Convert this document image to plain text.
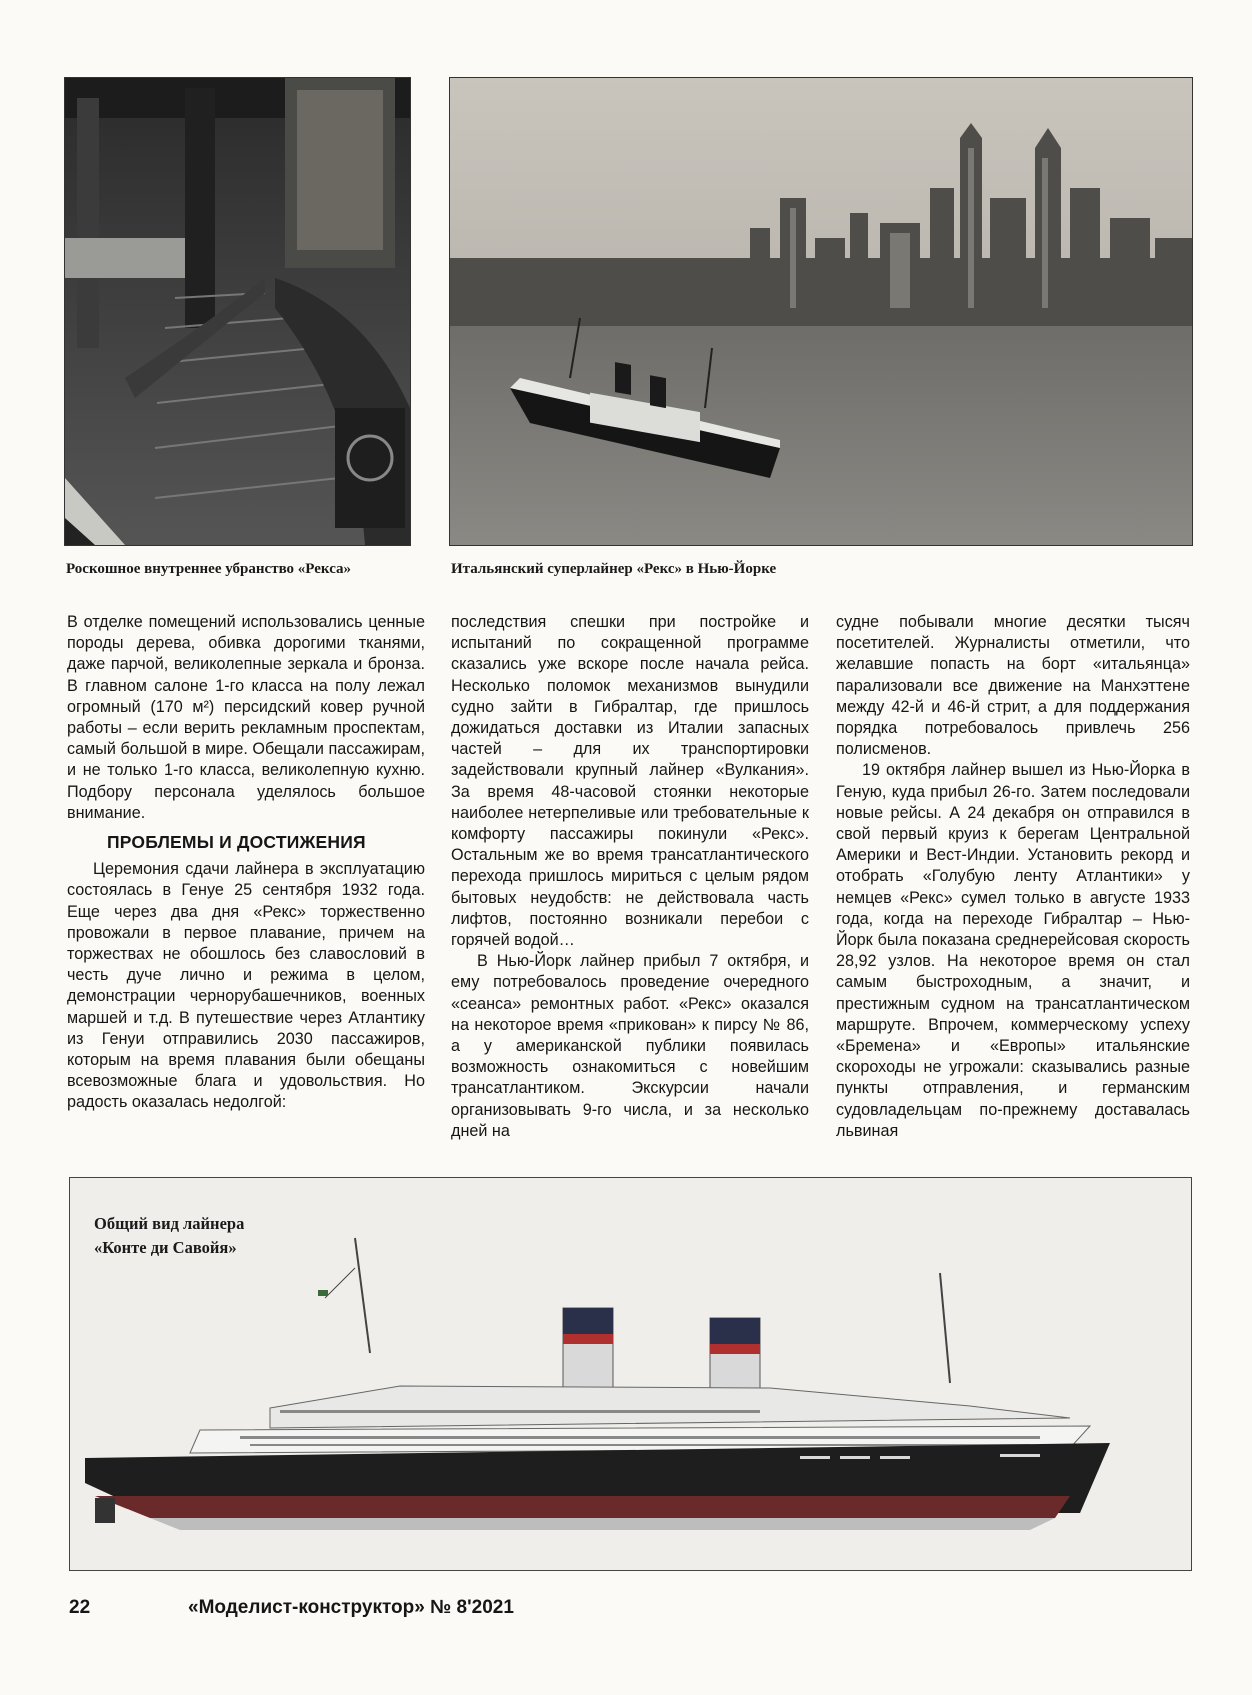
Роскошное внутреннее убранство «Рекса»	Итальянский суперлайнер «Рекс» в Нью-Йорке

В отделке помещений использовались ценные породы дерева, обивка дорогими тканями, даже парчой, великолепные зеркала и бронза. В главном салоне 1-го класса на полу лежал огромный (170 м²) персидский ковер ручной работы – если верить рекламным проспектам, самый большой в мире. Обещали пассажирам, и не только 1-го класса, великолепную кухню. Подбору персонала уделялось большое внимание.

ПРОБЛЕМЫ И ДОСТИЖЕНИЯ

Церемония сдачи лайнера в эксплуатацию состоялась в Генуе 25 сентября 1932 года. Еще через два дня «Рекс» торжественно провожали в первое плавание, причем на торжествах не обошлось без славословий в честь дуче лично и режима в целом, демонстрации чернорубашечников, военных маршей и т.д. В путешествие через Атлантику из Генуи отправились 2030 пассажиров, которым на время плавания были обещаны всевозможные блага и удовольствия. Но радость оказалась недолгой:

последствия спешки при постройке и испытаний по сокращенной программе сказались уже вскоре после начала рейса. Несколько поломок механизмов вынудили судно зайти в Гибралтар, где пришлось дожидаться доставки из Италии запасных частей – для их транспортировки задействовали крупный лайнер «Вулкания». За время 48-часовой стоянки некоторые наиболее нетерпеливые или требовательные к комфорту пассажиры покинули «Рекс». Остальным же во время трансатлантического перехода пришлось мириться с целым рядом бытовых неудобств: не действовала часть лифтов, постоянно возникали перебои с горячей водой…

В Нью-Йорк лайнер прибыл 7 октября, и ему потребовалось проведение очередного «сеанса» ремонтных работ. «Рекс» оказался на некоторое время «прикован» к пирсу № 86, а у американской публики появилась возможность ознакомиться с новейшим трансатлантиком. Экскурсии начали организовывать 9-го числа, и за несколько дней на

судне побывали многие десятки тысяч посетителей. Журналисты отметили, что желавшие попасть на борт «итальянца» парализовали все движение на Манхэттене между 42-й и 46-й стрит, а для поддержания порядка потребовалось привлечь 256 полисменов.

19 октября лайнер вышел из Нью-Йорка в Геную, куда прибыл 26-го. Затем последовали новые рейсы. А 24 декабря он отправился в свой первый круиз к берегам Центральной Америки и Вест-Индии. Установить рекорд и отобрать «Голубую ленту Атлантики» у немцев «Рекс» сумел только в августе 1933 года, когда на переходе Гибралтар – Нью-Йорк была показана среднерейсовая скорость 28,92 узлов. На некоторое время он стал самым быстроходным, а значит, и престижным судном на трансатлантическом маршруте. Впрочем, коммерческому успеху «Бремена» и «Европы» итальянские скороходы не угрожали: сказывались разные пункты отправления, и германским судовладельцам по-прежнему доставалась львиная

Общий вид лайнера
«Конте ди Савойя»
22	«Моделист-конструктор» № 8'2021
